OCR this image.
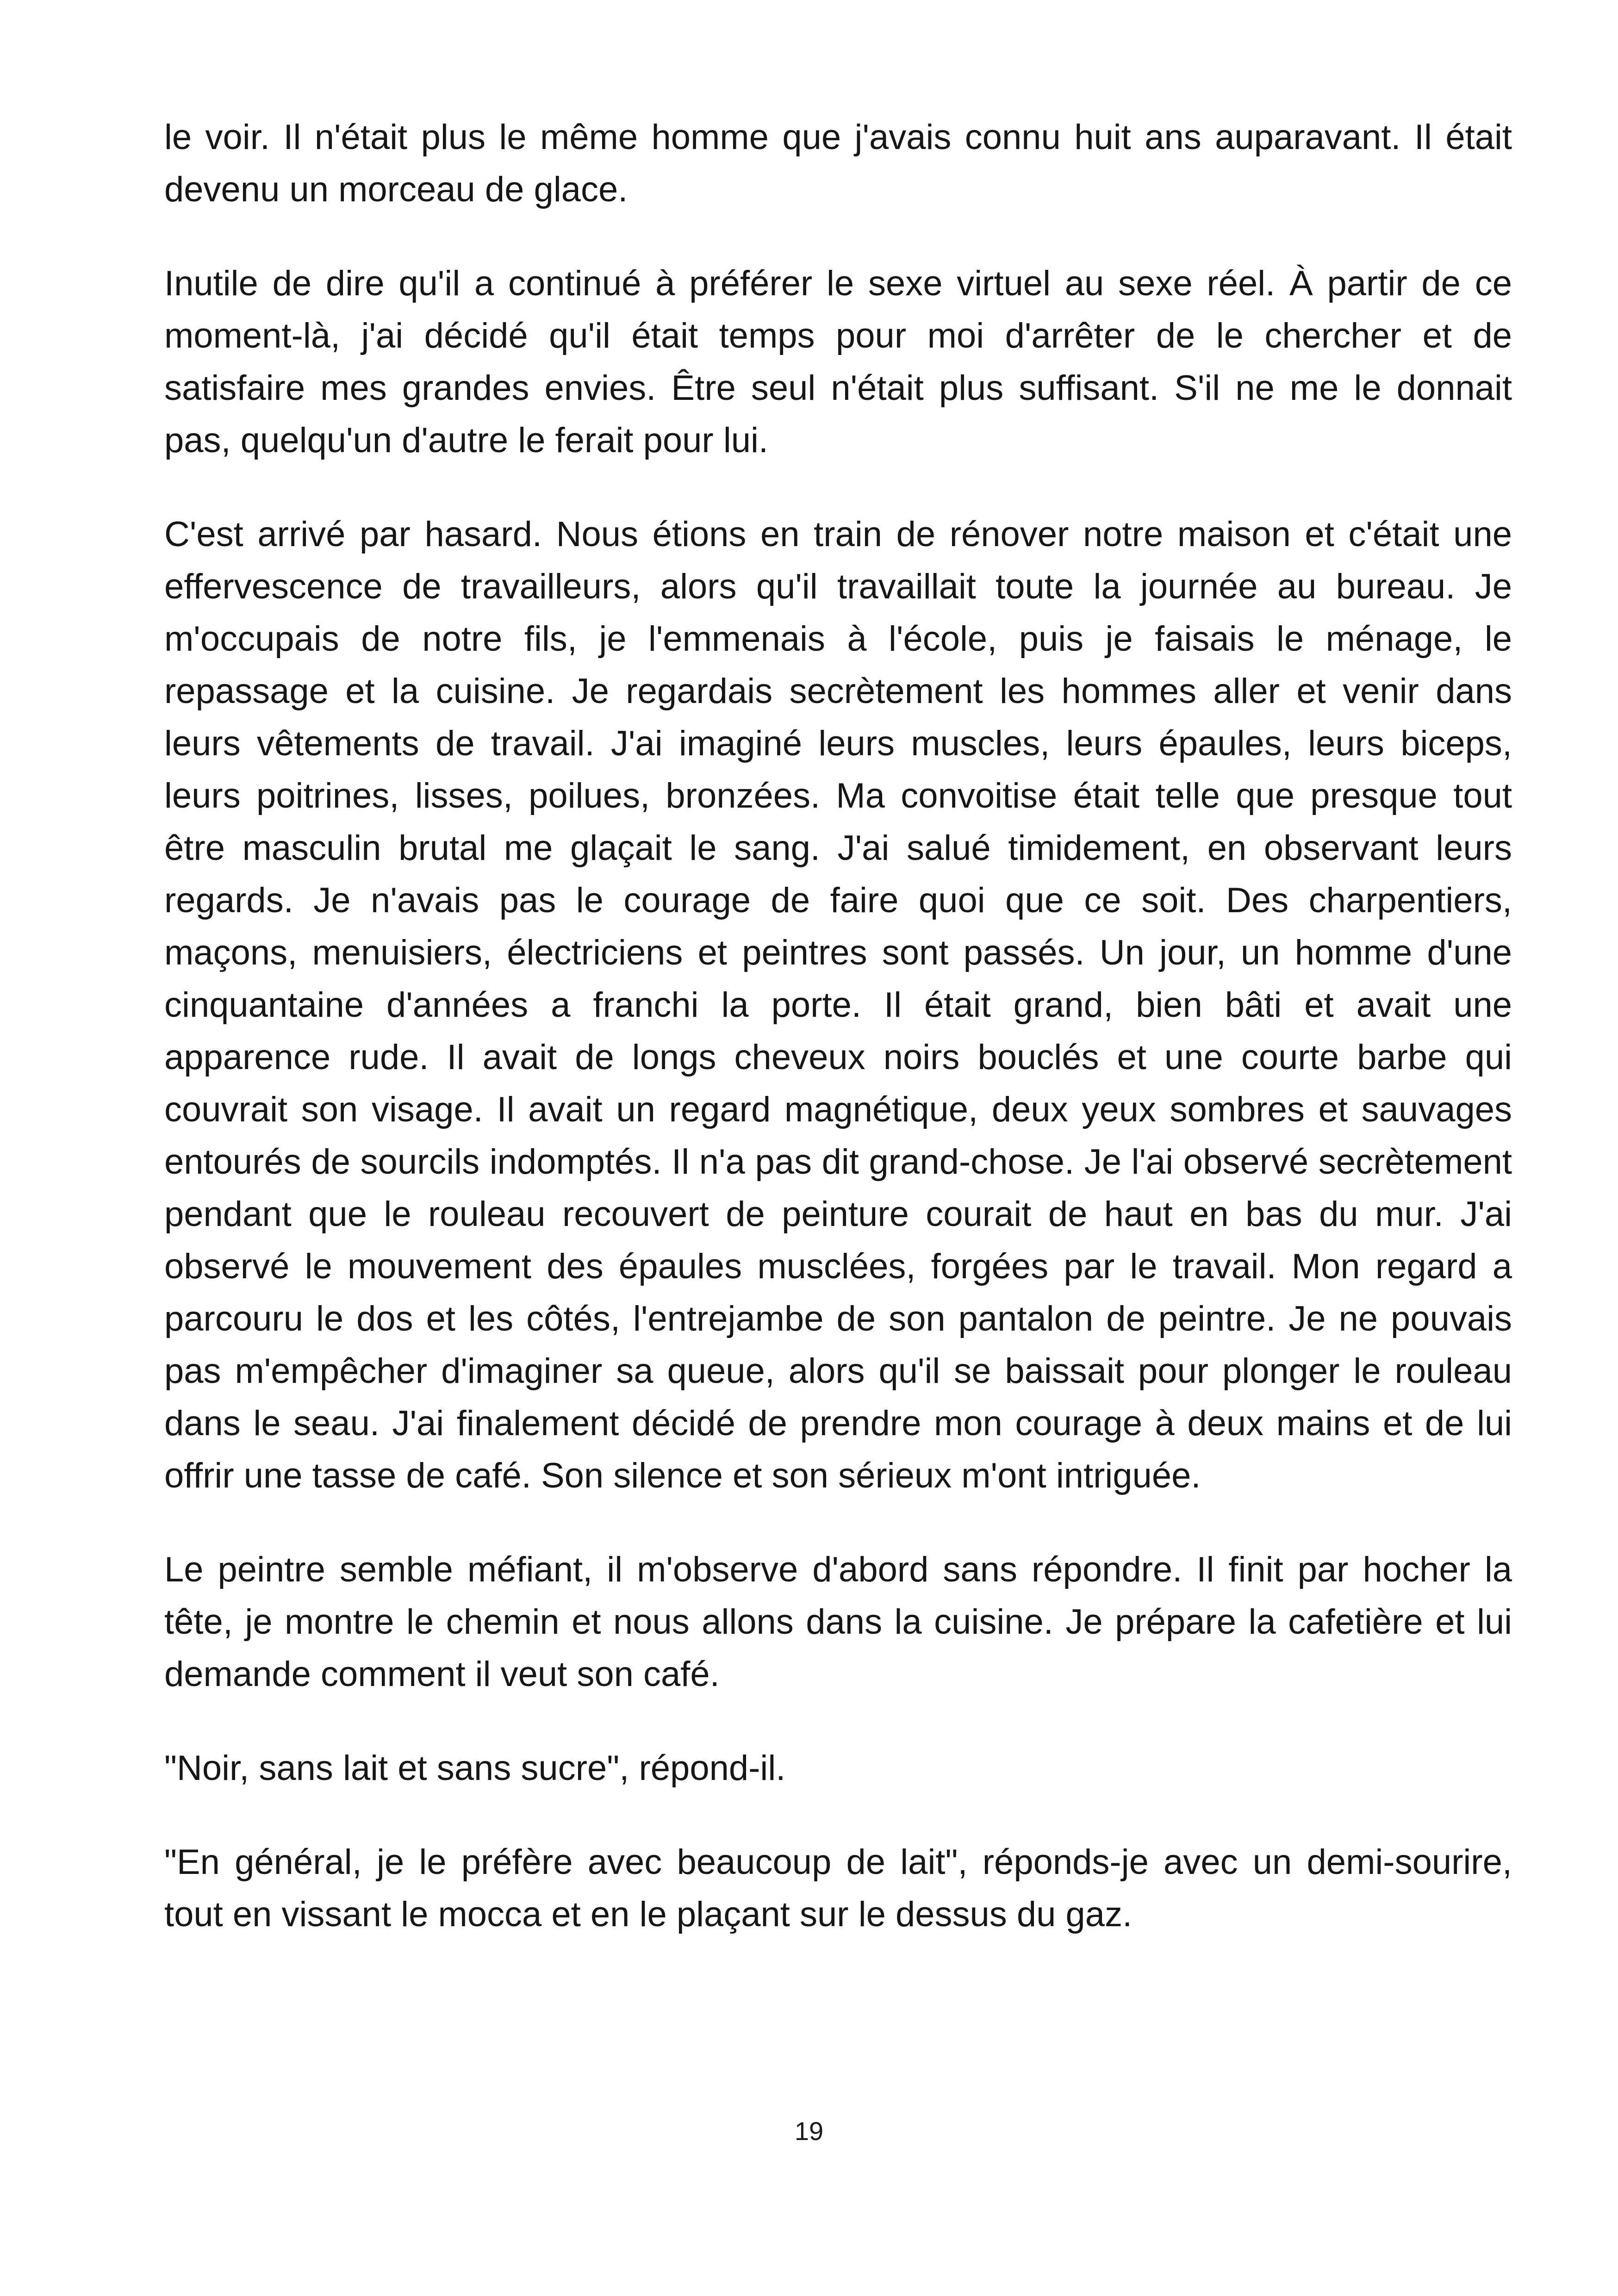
le voir. Il n'était plus le même homme que j'avais connu huit ans auparavant. Il était devenu un morceau de glace.

Inutile de dire qu'il a continué à préférer le sexe virtuel au sexe réel. À partir de ce moment-là, j'ai décidé qu'il était temps pour moi d'arrêter de le chercher et de satisfaire mes grandes envies. Être seul n'était plus suffisant. S'il ne me le donnait pas, quelqu'un d'autre le ferait pour lui.

C'est arrivé par hasard. Nous étions en train de rénover notre maison et c'était une effervescence de travailleurs, alors qu'il travaillait toute la journée au bureau. Je m'occupais de notre fils, je l'emmenais à l'école, puis je faisais le ménage, le repassage et la cuisine. Je regardais secrètement les hommes aller et venir dans leurs vêtements de travail. J'ai imaginé leurs muscles, leurs épaules, leurs biceps, leurs poitrines, lisses, poilues, bronzées. Ma convoitise était telle que presque tout être masculin brutal me glaçait le sang. J'ai salué timidement, en observant leurs regards. Je n'avais pas le courage de faire quoi que ce soit. Des charpentiers, maçons, menuisiers, électriciens et peintres sont passés. Un jour, un homme d'une cinquantaine d'années a franchi la porte. Il était grand, bien bâti et avait une apparence rude. Il avait de longs cheveux noirs bouclés et une courte barbe qui couvrait son visage. Il avait un regard magnétique, deux yeux sombres et sauvages entourés de sourcils indomptés. Il n'a pas dit grand-chose. Je l'ai observé secrètement pendant que le rouleau recouvert de peinture courait de haut en bas du mur. J'ai observé le mouvement des épaules musclées, forgées par le travail. Mon regard a parcouru le dos et les côtés, l'entrejambe de son pantalon de peintre. Je ne pouvais pas m'empêcher d'imaginer sa queue, alors qu'il se baissait pour plonger le rouleau dans le seau. J'ai finalement décidé de prendre mon courage à deux mains et de lui offrir une tasse de café. Son silence et son sérieux m'ont intriguée.

Le peintre semble méfiant, il m'observe d'abord sans répondre. Il finit par hocher la tête, je montre le chemin et nous allons dans la cuisine. Je prépare la cafetière et lui demande comment il veut son café.

"Noir, sans lait et sans sucre", répond-il.

"En général, je le préfère avec beaucoup de lait", réponds-je avec un demi-sourire, tout en vissant le mocca et en le plaçant sur le dessus du gaz.

19
